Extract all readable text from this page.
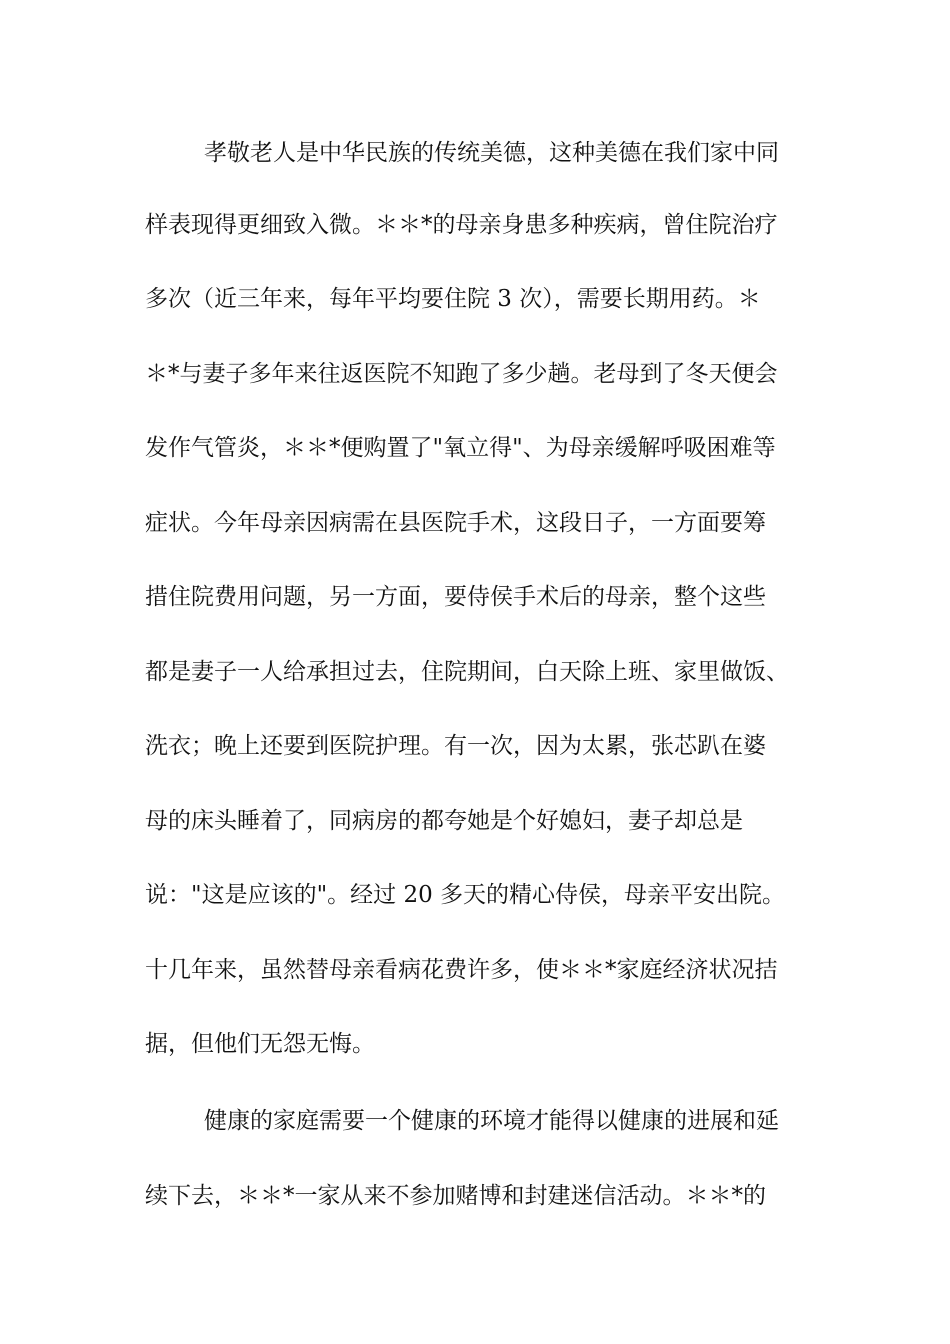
孝敬老人是中华民族的传统美德，这种美德在我们家中同
样表现得更细致入微。＊＊*的母亲身患多种疾病，曾住院治疗
多次（近三年来，每年平均要住院 3 次），需要长期用药。＊
＊*与妻子多年来往返医院不知跑了多少趟。老母到了冬天便会
发作气管炎，＊＊*便购置了"氧立得"、为母亲缓解呼吸困难等
症状。今年母亲因病需在县医院手术，这段日子，一方面要筹
措住院费用问题，另一方面，要侍侯手术后的母亲，整个这些
都是妻子一人给承担过去，住院期间，白天除上班、家里做饭、
洗衣；晚上还要到医院护理。有一次，因为太累，张芯趴在婆
母的床头睡着了，同病房的都夸她是个好媳妇，妻子却总是
说："这是应该的"。经过 20 多天的精心侍侯，母亲平安出院。
十几年来，虽然替母亲看病花费许多，使＊＊*家庭经济状况拮
据，但他们无怨无悔。
健康的家庭需要一个健康的环境才能得以健康的进展和延
续下去，＊＊*一家从来不参加赌博和封建迷信活动。＊＊*的
